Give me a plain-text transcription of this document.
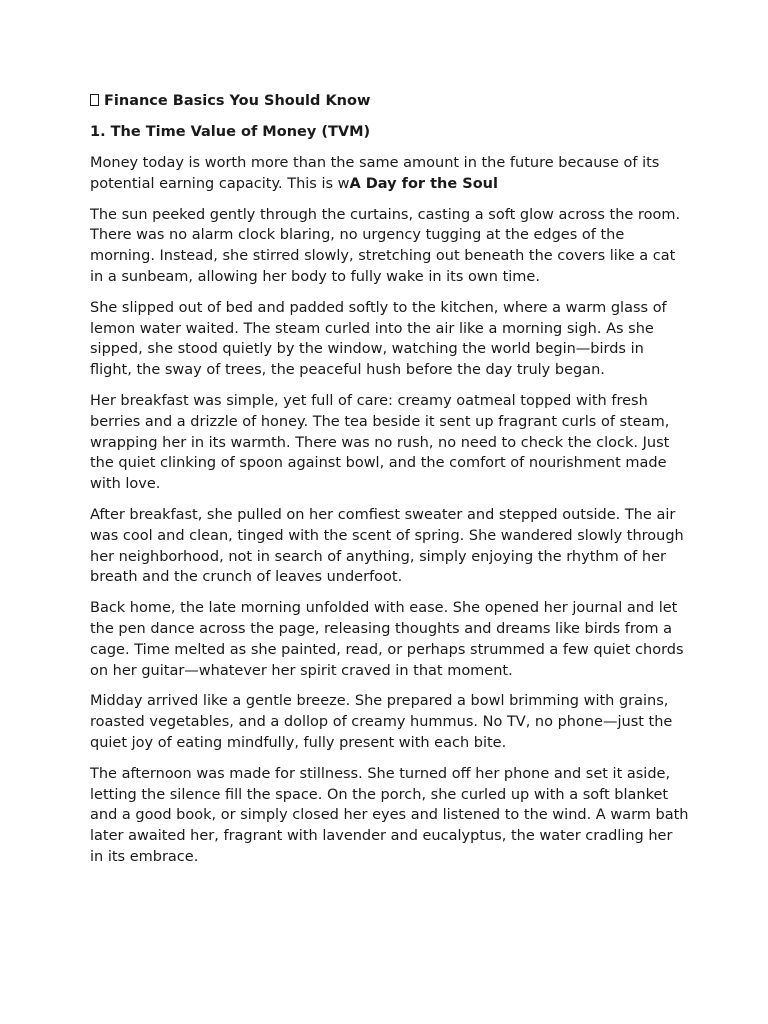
Finance Basics You Should Know
1. The Time Value of Money (TVM)

Money today is worth more than the same amount in the future because of its potential earning capacity. This is wA Day for the Soul

The sun peeked gently through the curtains, casting a soft glow across the room. There was no alarm clock blaring, no urgency tugging at the edges of the morning. Instead, she stirred slowly, stretching out beneath the covers like a cat in a sunbeam, allowing her body to fully wake in its own time.

She slipped out of bed and padded softly to the kitchen, where a warm glass of lemon water waited. The steam curled into the air like a morning sigh. As she sipped, she stood quietly by the window, watching the world begin—birds in flight, the sway of trees, the peaceful hush before the day truly began.

Her breakfast was simple, yet full of care: creamy oatmeal topped with fresh berries and a drizzle of honey. The tea beside it sent up fragrant curls of steam, wrapping her in its warmth. There was no rush, no need to check the clock. Just the quiet clinking of spoon against bowl, and the comfort of nourishment made with love.

After breakfast, she pulled on her comfiest sweater and stepped outside. The air was cool and clean, tinged with the scent of spring. She wandered slowly through her neighborhood, not in search of anything, simply enjoying the rhythm of her breath and the crunch of leaves underfoot.

Back home, the late morning unfolded with ease. She opened her journal and let the pen dance across the page, releasing thoughts and dreams like birds from a cage. Time melted as she painted, read, or perhaps strummed a few quiet chords on her guitar—whatever her spirit craved in that moment.

Midday arrived like a gentle breeze. She prepared a bowl brimming with grains, roasted vegetables, and a dollop of creamy hummus. No TV, no phone—just the quiet joy of eating mindfully, fully present with each bite.

The afternoon was made for stillness. She turned off her phone and set it aside, letting the silence fill the space. On the porch, she curled up with a soft blanket and a good book, or simply closed her eyes and listened to the wind. A warm bath later awaited her, fragrant with lavender and eucalyptus, the water cradling her in its embrace.
